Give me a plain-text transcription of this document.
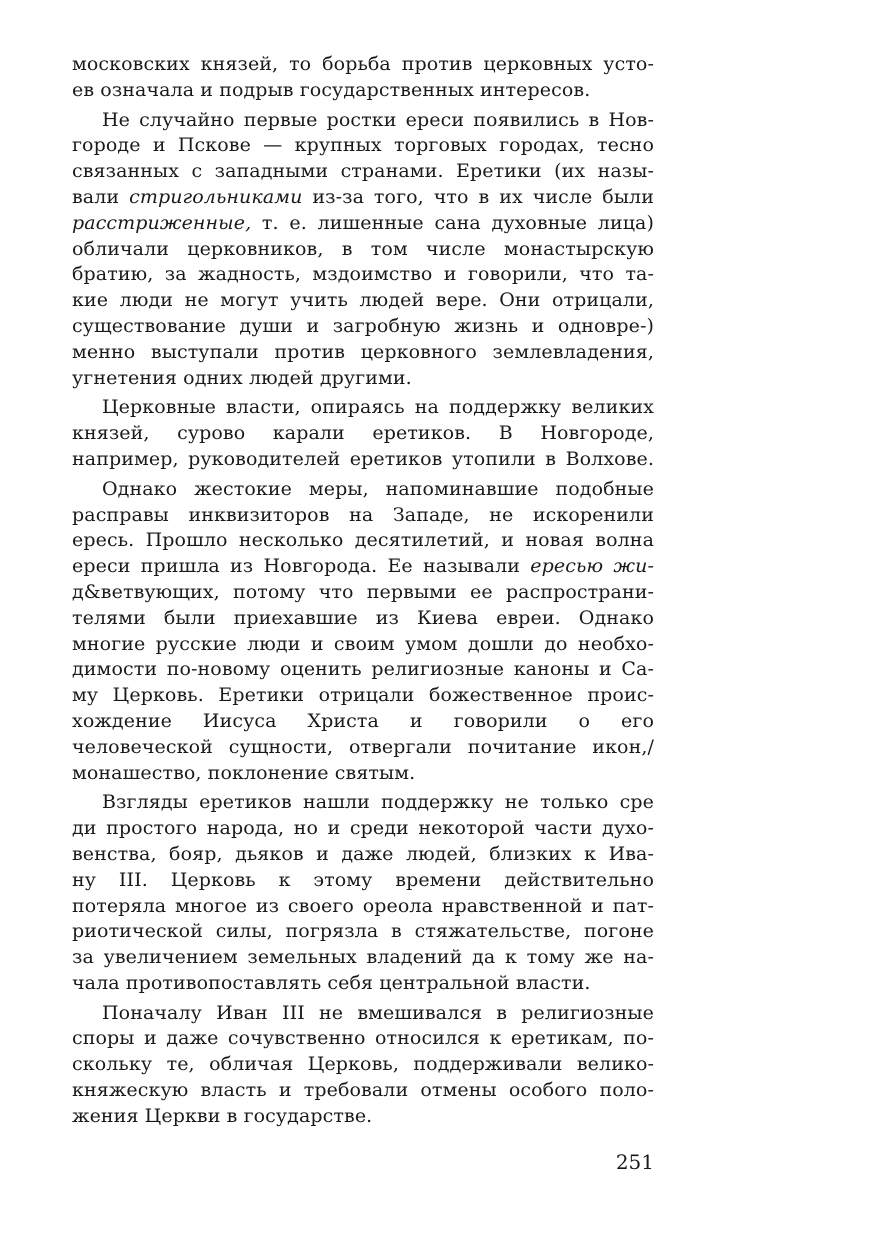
московских князей, то борьба против церковных усто-
ев означала и подрыв государственных интересов.
Не случайно первые ростки ереси появились в Нов-
городе и Пскове — крупных торговых городах, тесно
связанных с западными странами. Еретики (их назы-
вали стригольниками из-за того, что в их числе были
расстриженные, т. е. лишенные сана духовные лица)
обличали церковников, в том числе монастырскую
братию, за жадность, мздоимство и говорили, что та-
кие люди не могут учить людей вере. Они отрицали,
существование души и загробную жизнь и одновре-)
менно выступали против церковного землевладения,
угнетения одних людей другими.
Церковные власти, опираясь на поддержку великих
князей, сурово карали еретиков. В Новгороде,
например, руководителей еретиков утопили в Волхове.
Однако жестокие меры, напоминавшие подобные
расправы инквизиторов на Западе, не искоренили
ересь. Прошло несколько десятилетий, и новая волна
ереси пришла из Новгорода. Ее называли ересью жи-
д&ветвующих, потому что первыми ее распространи-
телями были приехавшие из Киева евреи. Однако
многие русские люди и своим умом дошли до необхо-
димости по-новому оценить религиозные каноны и Са-
му Церковь. Еретики отрицали божественное проис-
хождение Иисуса Христа и говорили о его
человеческой сущности, отвергали почитание икон,/
монашество, поклонение святым.
Взгляды еретиков нашли поддержку не только сре
ди простого народа, но и среди некоторой части духо-
венства, бояр, дьяков и даже людей, близких к Ива-
ну III. Церковь к этому времени действительно
потеряла многое из своего ореола нравственной и пат-
риотической силы, погрязла в стяжательстве, погоне
за увеличением земельных владений да к тому же на-
чала противопоставлять себя центральной власти.
Поначалу Иван III не вмешивался в религиозные
споры и даже сочувственно относился к еретикам, по-
скольку те, обличая Церковь, поддерживали велико-
княжескую власть и требовали отмены особого поло-
жения Церкви в государстве.
251
